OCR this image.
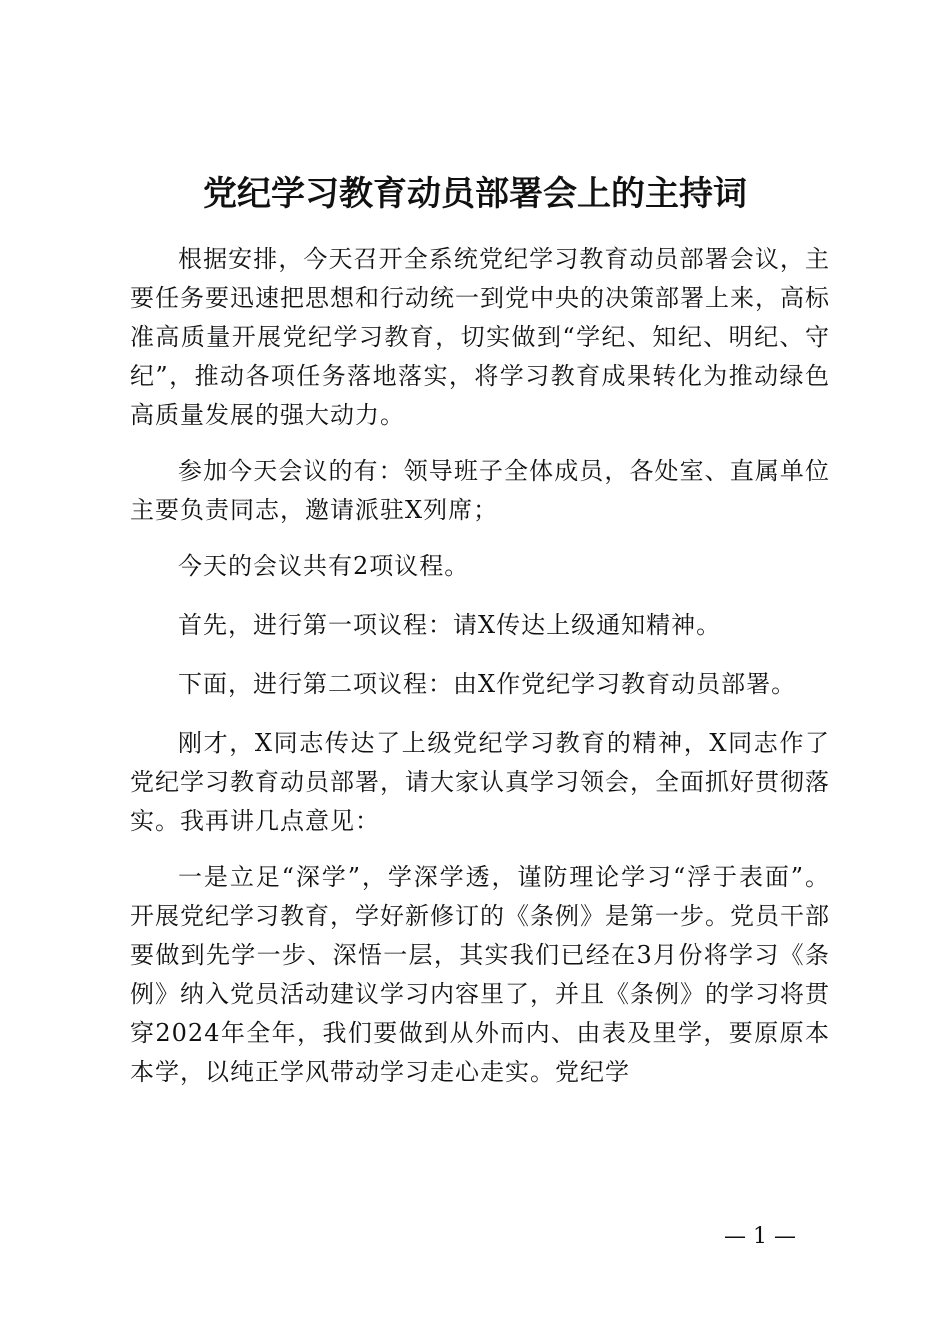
党纪学习教育动员部署会上的主持词

根据安排，今天召开全系统党纪学习教育动员部署会议，主要任务要迅速把思想和行动统一到党中央的决策部署上来，高标准高质量开展党纪学习教育，切实做到“学纪、知纪、明纪、守纪”，推动各项任务落地落实，将学习教育成果转化为推动绿色高质量发展的强大动力。

参加今天会议的有：领导班子全体成员，各处室、直属单位主要负责同志，邀请派驻X列席；

今天的会议共有2项议程。

首先，进行第一项议程：请X传达上级通知精神。

下面，进行第二项议程：由X作党纪学习教育动员部署。

刚才，X同志传达了上级党纪学习教育的精神，X同志作了党纪学习教育动员部署，请大家认真学习领会，全面抓好贯彻落实。我再讲几点意见：

一是立足“深学”，学深学透，谨防理论学习“浮于表面”。开展党纪学习教育，学好新修订的《条例》是第一步。党员干部要做到先学一步、深悟一层，其实我们已经在3月份将学习《条例》纳入党员活动建议学习内容里了，并且《条例》的学习将贯穿2024年全年，我们要做到从外而内、由表及里学，要原原本本学，以纯正学风带动学习走心走实。党纪学

— 1 —
